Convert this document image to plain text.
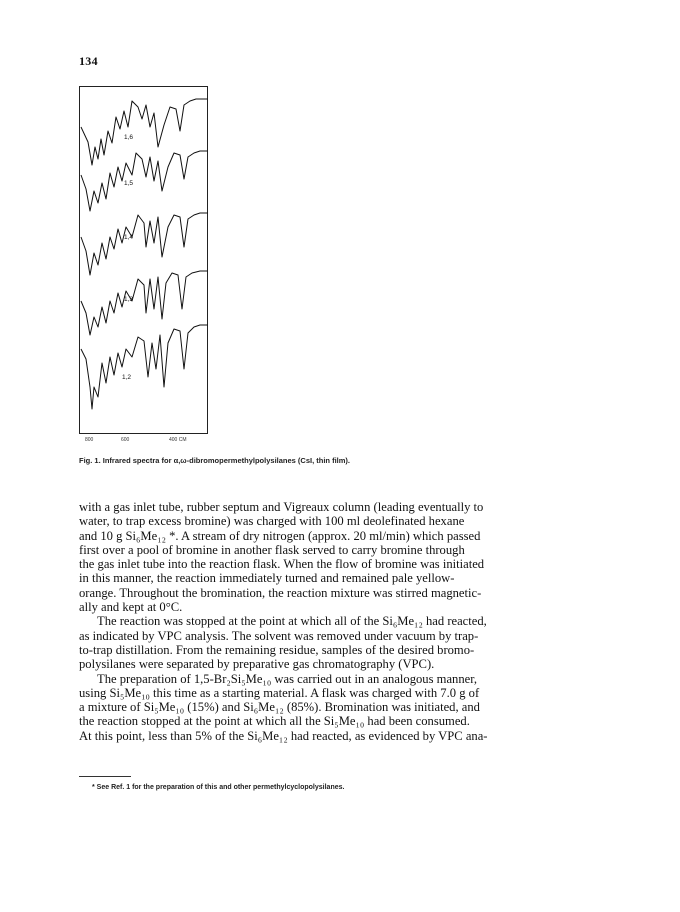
134
1,6
1,5
1,4
1,3
1,2
800	600	400 CM
Fig. 1. Infrared spectra for α,ω-dibromopermethylpolysilanes (CsI, thin film).
with a gas inlet tube, rubber septum and Vigreaux column (leading eventually to
water, to trap excess bromine) was charged with 100 ml deolefinated hexane
and 10 g Si₆Me₁₂ *. A stream of dry nitrogen (approx. 20 ml/min) which passed
first over a pool of bromine in another flask served to carry bromine through
the gas inlet tube into the reaction flask. When the flow of bromine was initiated
in this manner, the reaction immediately turned and remained pale yellow-
orange. Throughout the bromination, the reaction mixture was stirred magnetic-
ally and kept at 0°C.
The reaction was stopped at the point at which all of the Si₆Me₁₂ had reacted,
as indicated by VPC analysis. The solvent was removed under vacuum by trap-
to-trap distillation. From the remaining residue, samples of the desired bromo-
polysilanes were separated by preparative gas chromatography (VPC).
The preparation of 1,5-Br₂Si₅Me₁₀ was carried out in an analogous manner,
using Si₅Me₁₀ this time as a starting material. A flask was charged with 7.0 g of
a mixture of Si₅Me₁₀ (15%) and Si₆Me₁₂ (85%). Bromination was initiated, and
the reaction stopped at the point at which all the Si₅Me₁₀ had been consumed.
At this point, less than 5% of the Si₆Me₁₂ had reacted, as evidenced by VPC ana-
* See Ref. 1 for the preparation of this and other permethylcyclopolysilanes.
